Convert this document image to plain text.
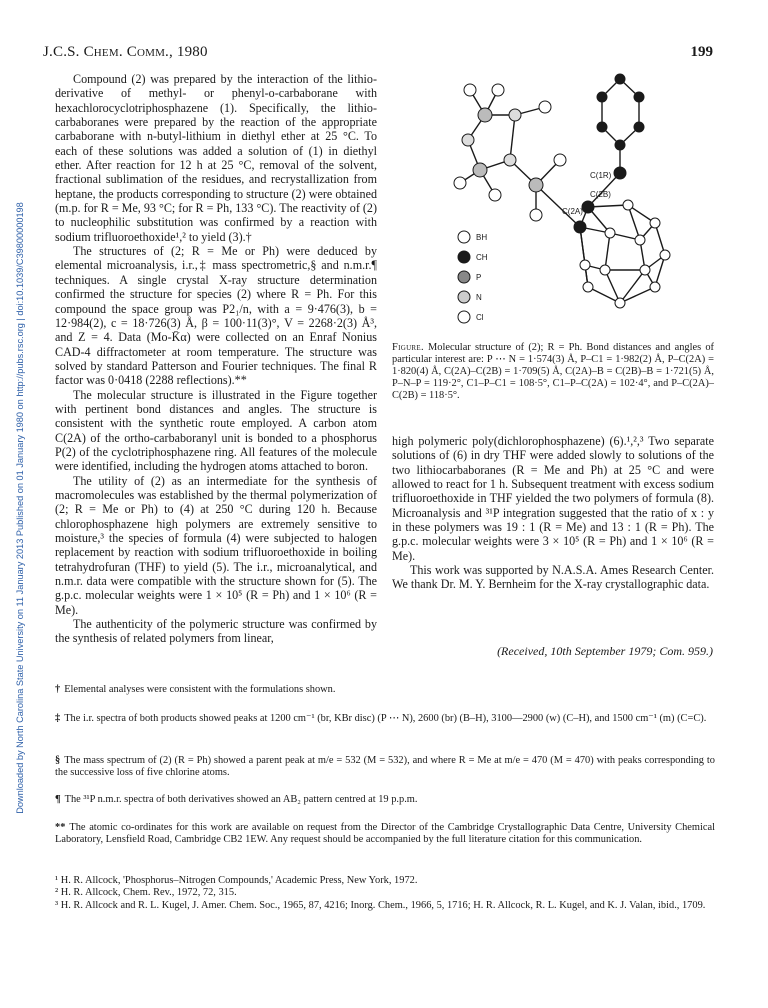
J.C.S. Chem. Comm., 1980	199
Downloaded by North Carolina State University on 11 January 2013 Published on 01 January 1980 on http://pubs.rsc.org | doi:10.1039/C39800000198

Compound (2) was prepared by the interaction of the lithio-derivative of methyl- or phenyl-o-carbaborane with hexachlorocyclotriphosphazene (1). Specifically, the lithio-carbaboranes were prepared by the reaction of the appropriate carbaborane with n-butyl-lithium in diethyl ether at 25 °C. To each of these solutions was added a solution of (1) in diethyl ether. After reaction for 12 h at 25 °C, removal of the solvent, fractional sublimation of the residues, and recrystallization from heptane, the products corresponding to structure (2) were obtained (m.p. for R = Me, 93 °C; for R = Ph, 133 °C). The reactivity of (2) to nucleophilic substitution was confirmed by a reaction with sodium trifluoroethoxide¹,² to yield (3).†

The structures of (2; R = Me or Ph) were deduced by elemental microanalysis, i.r.,‡ mass spectrometric,§ and n.m.r.¶ techniques. A single crystal X-ray structure determination confirmed the structure for species (2) where R = Ph. For this compound the space group was P2₁/n, with a = 9·476(3), b = 12·984(2), c = 18·726(3) Å, β = 100·11(3)°, V = 2268·2(3) Å³, and Z = 4. Data (Mo-K̄α) were collected on an Enraf Nonius CAD-4 diffractometer at room temperature. The structure was solved by standard Patterson and Fourier techniques. The final R factor was 0·0418 (2288 reflections).**

The molecular structure is illustrated in the Figure together with pertinent bond distances and angles. The structure is consistent with the synthetic route employed. A carbon atom C(2A) of the ortho-carbaboranyl unit is bonded to a phosphorus P(2) of the cyclotriphosphazene ring. All features of the molecule were identified, including the hydrogen atoms attached to boron.

The utility of (2) as an intermediate for the synthesis of macromolecules was established by the thermal polymerization of (2; R = Me or Ph) to (4) at 250 °C during 120 h. Because chlorophosphazene high polymers are extremely sensitive to moisture,³ the species of formula (4) were subjected to halogen replacement by reaction with sodium trifluoroethoxide in boiling tetrahydrofuran (THF) to yield (5). The i.r., microanalytical, and n.m.r. data were compatible with the structure shown for (5). The g.p.c. molecular weights were 1 × 10⁵ (R = Ph) and 1 × 10⁶ (R = Me).

The authenticity of the polymeric structure was confirmed by the synthesis of related polymers from linear,

C(1R)
C(2B)
C(2A)
BH
CH
P
N
Cl
Figure. Molecular structure of (2); R = Ph. Bond distances and angles of particular interest are: P ⋯ N = 1·574(3) Å, P–C1 = 1·982(2) Å, P–C(2A) = 1·820(4) Å, C(2A)–C(2B) = 1·709(5) Å, C(2A)–B = C(2B)–B = 1·721(5) Å, P–N–P = 119·2°, C1–P–C1 = 108·5°, C1–P–C(2A) = 102·4°, and P–C(2A)–C(2B) = 118·5°.

high polymeric poly(dichlorophosphazene) (6).¹,²,³ Two separate solutions of (6) in dry THF were added slowly to solutions of the two lithiocarbaboranes (R = Me and Ph) at 25 °C and were allowed to react for 1 h. Subsequent treatment with excess sodium trifluoroethoxide in THF yielded the two polymers of formula (8). Microanalysis and ³¹P integration suggested that the ratio of x : y in these polymers was 19 : 1 (R = Me) and 13 : 1 (R = Ph). The g.p.c. molecular weights were 3 × 10⁵ (R = Ph) and 1 × 10⁶ (R = Me).

This work was supported by N.A.S.A. Ames Research Center. We thank Dr. M. Y. Bernheim for the X-ray crystallographic data.

(Received, 10th September 1979; Com. 959.)
† Elemental analyses were consistent with the formulations shown.
‡ The i.r. spectra of both products showed peaks at 1200 cm⁻¹ (br, KBr disc) (P ⋯ N), 2600 (br) (B–H), 3100—2900 (w) (C–H), and 1500 cm⁻¹ (m) (C=C).
§ The mass spectrum of (2) (R = Ph) showed a parent peak at m/e = 532 (M = 532), and where R = Me at m/e = 470 (M = 470) with peaks corresponding to the successive loss of five chlorine atoms.
¶ The ³¹P n.m.r. spectra of both derivatives showed an AB₂ pattern centred at 19 p.p.m.
** The atomic co-ordinates for this work are available on request from the Director of the Cambridge Crystallographic Data Centre, University Chemical Laboratory, Lensfield Road, Cambridge CB2 1EW. Any request should be accompanied by the full literature citation for this communication.
¹ H. R. Allcock, 'Phosphorus–Nitrogen Compounds,' Academic Press, New York, 1972.
² H. R. Allcock, Chem. Rev., 1972, 72, 315.
³ H. R. Allcock and R. L. Kugel, J. Amer. Chem. Soc., 1965, 87, 4216; Inorg. Chem., 1966, 5, 1716; H. R. Allcock, R. L. Kugel, and K. J. Valan, ibid., 1709.
